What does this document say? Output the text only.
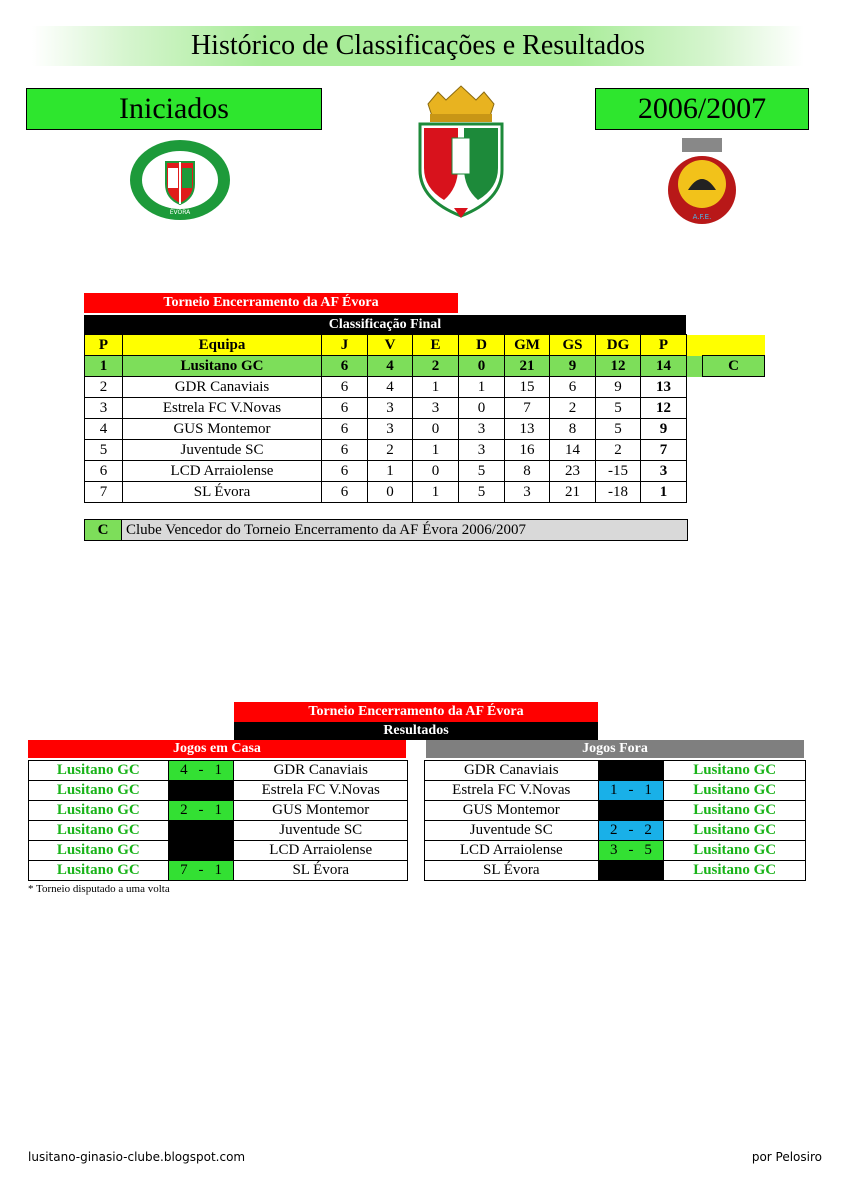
Histórico de Classificações e Resultados
Iniciados	2006/2007
ÉVORA
A.F.E.
Torneio Encerramento da AF Évora
Classificação Final
P	Equipa	J	V	E	D	GM	GS	DG	P		
1	Lusitano GC	6	4	2	0	21	9	12	14		C
2	GDR Canaviais	6	4	1	1	15	6	9	13		
3	Estrela FC V.Novas	6	3	3	0	7	2	5	12		
4	GUS Montemor	6	3	0	3	13	8	5	9		
5	Juventude SC	6	2	1	3	16	14	2	7		
6	LCD Arraiolense	6	1	0	5	8	23	-15	3		
7	SL Évora	6	0	1	5	3	21	-18	1		
C	Clube Vencedor do Torneio Encerramento da AF Évora 2006/2007
Torneio Encerramento da AF Évora
Resultados
Jogos em Casa	Jogos Fora
Lusitano GC	4 - 1	GDR Canaviais
Lusitano GC		Estrela FC V.Novas
Lusitano GC	2 - 1	GUS Montemor
Lusitano GC		Juventude SC
Lusitano GC		LCD Arraiolense
Lusitano GC	7 - 1	SL Évora
GDR Canaviais		Lusitano GC
Estrela FC V.Novas	1 - 1	Lusitano GC
GUS Montemor		Lusitano GC
Juventude SC	2 - 2	Lusitano GC
LCD Arraiolense	3 - 5	Lusitano GC
SL Évora		Lusitano GC
* Torneio disputado a uma volta
lusitano-ginasio-clube.blogspot.com	por Pelosiro
